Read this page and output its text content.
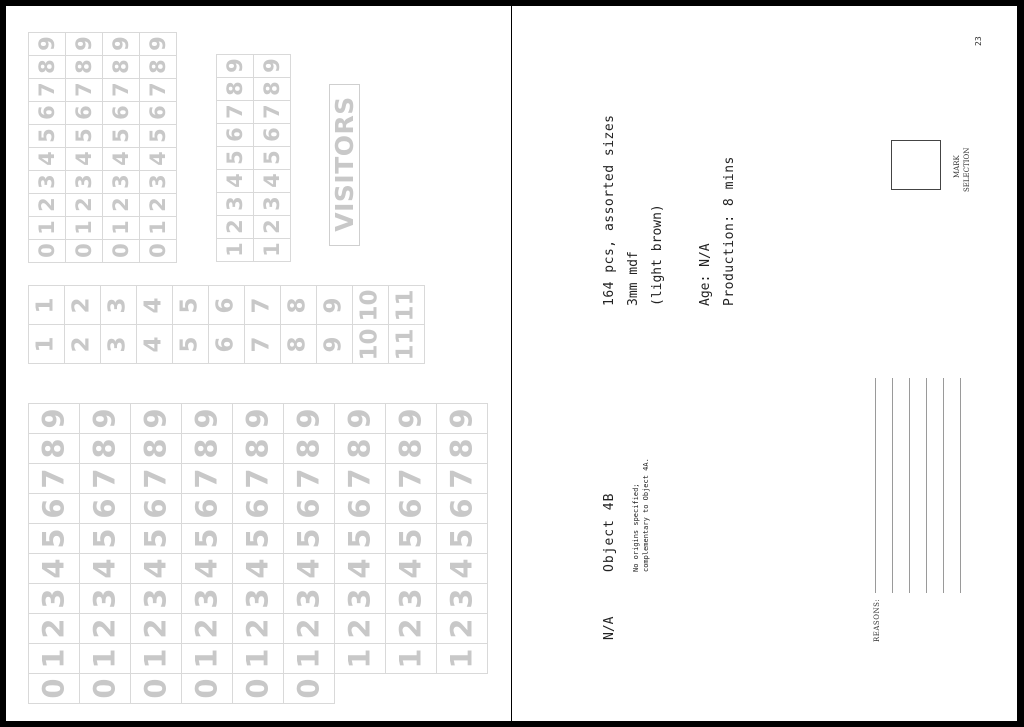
9	9	9	9
8	8	8	8
7	7	7	7
6	6	6	6
5	5	5	5
4	4	4	4
3	3	3	3
2	2	2	2
1	1	1	1
0	0	0	0
9	9
8	8
7	7
6	6
5	5
4	4
3	3
2	2
1	1
VISITORS
1	2	3	4	5	6	7	8	9	10	11
1	2	3	4	5	6	7	8	9	10	11
9	9	9	9	9	9	9	9	9
8	8	8	8	8	8	8	8	8
7	7	7	7	7	7	7	7	7
6	6	6	6	6	6	6	6	6
5	5	5	5	5	5	5	5	5
4	4	4	4	4	4	4	4	4
3	3	3	3	3	3	3	3	3
2	2	2	2	2	2	2	2	2
1	1	1	1	1	1	1	1	1
0	0	0	0	0	0			
N/A
Object 4B No origins specified; complementary to Object 4A.
164 pcs, assorted sizes 3mm mdf (light brown)	Age: N/A Production: 8 mins
REASONS:
MARK SELECTION
23
